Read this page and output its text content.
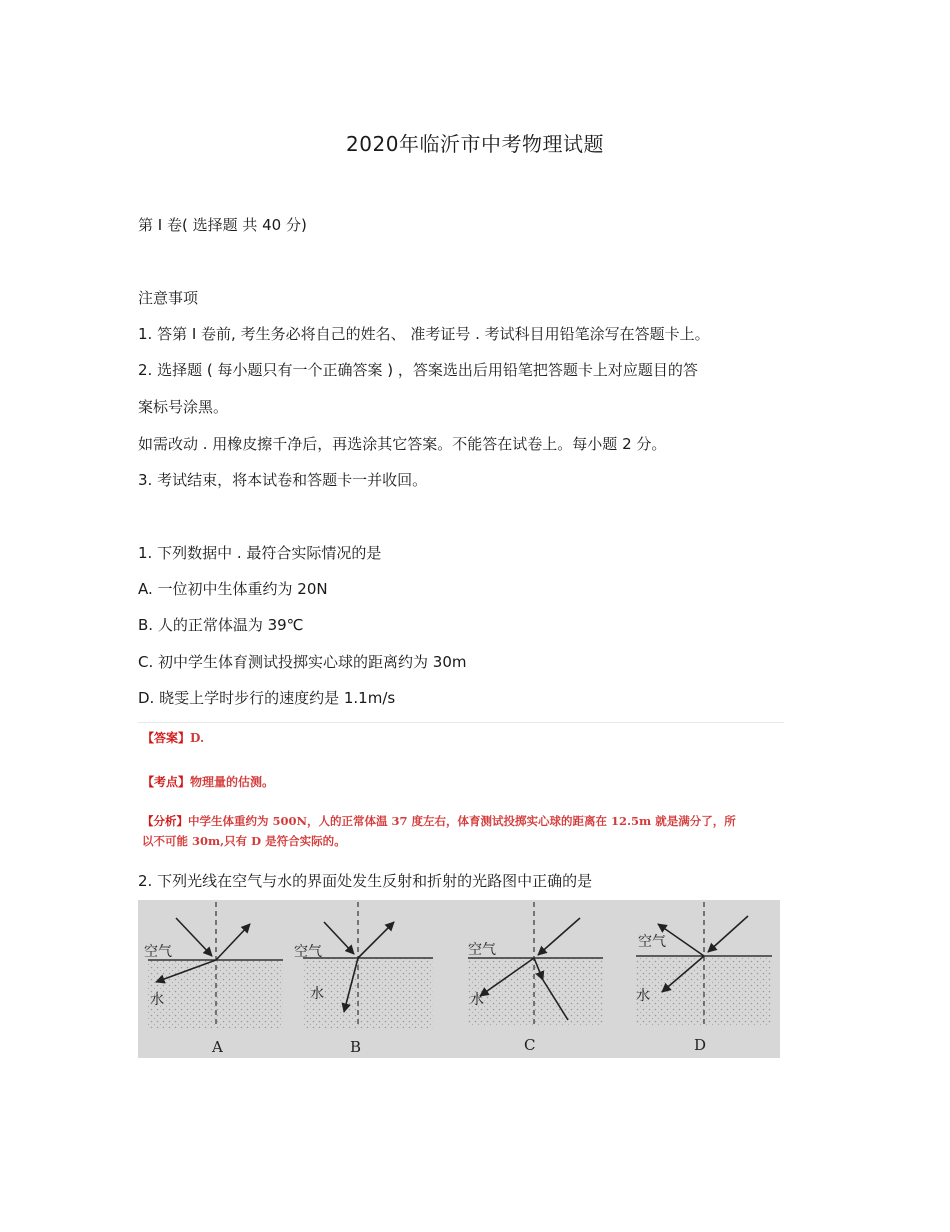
2020年临沂市中考物理试题
第 Ⅰ 卷( 选择题 共 40 分)
注意事项
1. 答第 Ⅰ 卷前, 考生务必将自己的姓名、 准考证号 . 考试科目用铅笔涂写在答题卡上。
2. 选择题 ( 每小题只有一个正确答案 ) ，答案选出后用铅笔把答题卡上对应题目的答
案标号涂黑。
如需改动 . 用橡皮擦千净后，再选涂其它答案。不能答在试卷上。每小题 2 分。
3. 考试结束，将本试卷和答题卡一并收回。
1. 下列数据中 . 最符合实际情况的是
A. 一位初中生体重约为 20N
B. 人的正常体温为 39℃
C. 初中学生体育测试投掷实心球的距离约为 30m
D. 晓雯上学时步行的速度约是 1.1m/s
【答案】D.
【考点】物理量的估测。
【分析】中学生体重约为 500N，人的正常体温 37 度左右，体育测试投掷实心球的距离在 12.5m 就是满分了，所
以不可能 30m,只有 D 是符合实际的。
2. 下列光线在空气与水的界面处发生反射和折射的光路图中正确的是
空气
水
A
空气
水
B
空气
水
C
空气
水
D
